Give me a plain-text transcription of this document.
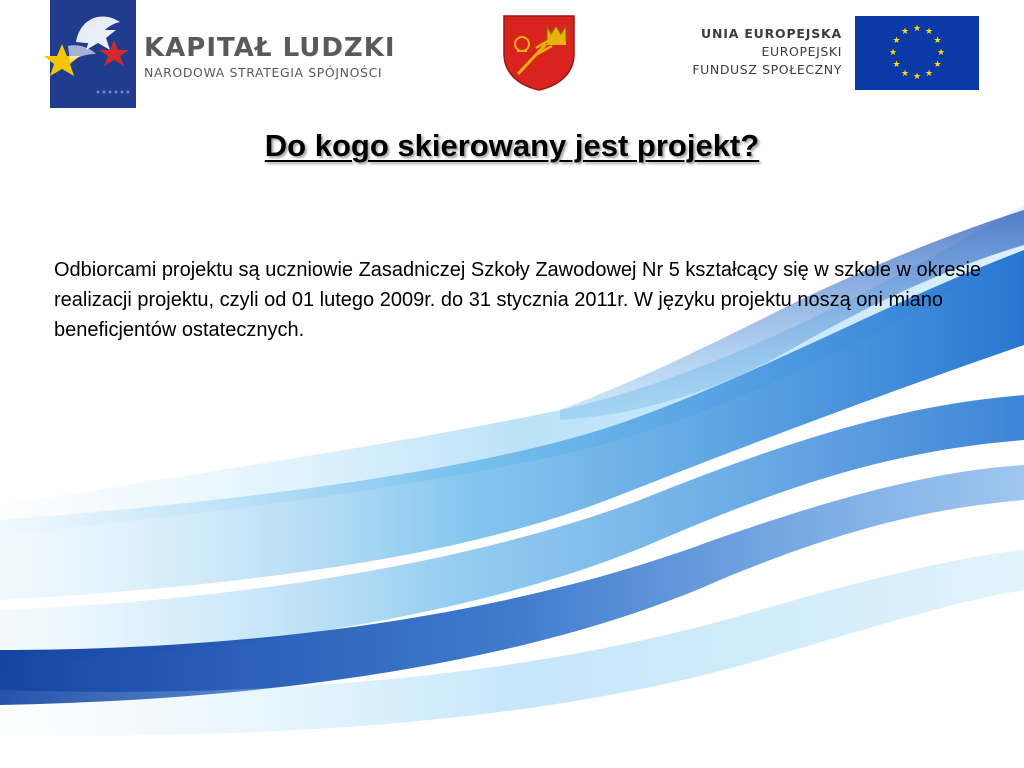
KAPITAŁ LUDZKI
NARODOWA STRATEGIA SPÓJNOŚCI
UNIA EUROPEJSKA
EUROPEJSKI
FUNDUSZ SPOŁECZNY
★ ★
★
★
★
★
★
★
★
★
★
★
Do kogo skierowany jest projekt?
Odbiorcami projektu są uczniowie Zasadniczej Szkoły Zawodowej Nr 5 kształcący się w szkole w okresie realizacji projektu, czyli od 01 lutego 2009r. do 31 stycznia 2011r. W języku projektu noszą oni miano beneficjentów ostatecznych.
